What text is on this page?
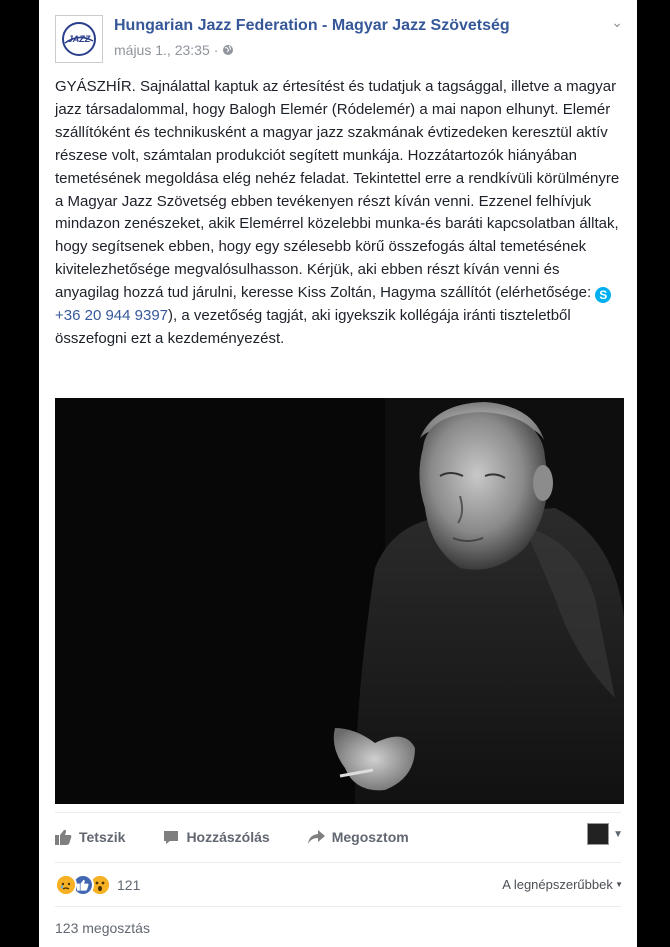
JAZZ
Hungarian Jazz Federation - Magyar Jazz Szövetség
május 1., 23:35 ·
⌄

GYÁSZHÍR. Sajnálattal kaptuk az értesítést és tudatjuk a tagsággal, illetve a magyar jazz társadalommal, hogy Balogh Elemér (Ródelemér) a mai napon elhunyt. Elemér szállítóként és technikusként a magyar jazz szakmának évtizedeken keresztül aktív részese volt, számtalan produkciót segített munkája. Hozzátartozók hiányában temetésének megoldása elég nehéz feladat. Tekintettel erre a rendkívüli körülményre a Magyar Jazz Szövetség ebben tevékenyen részt kíván venni. Ezzenel felhívjuk mindazon zenészeket, akik Elemérrel közelebbi munka-és baráti kapcsolatban álltak, hogy segítsenek ebben, hogy egy szélesebb körű összefogás által temetésének kivitelezhetősége megvalósulhasson. Kérjük, aki ebben részt kíván venni és anyagilag hozzá tud járulni, keresse Kiss Zoltán, Hagyma szállítót (elérhetősége: S+36 20 944 9397), a vezetőség tagját, aki igyekszik kollégája iránti tiszteletből összefogni ezt a kezdeményezést.

Tetszik	Hozzászólás	Megosztom	▼
121	A legnépszerűbbek ▼
123 megosztás
